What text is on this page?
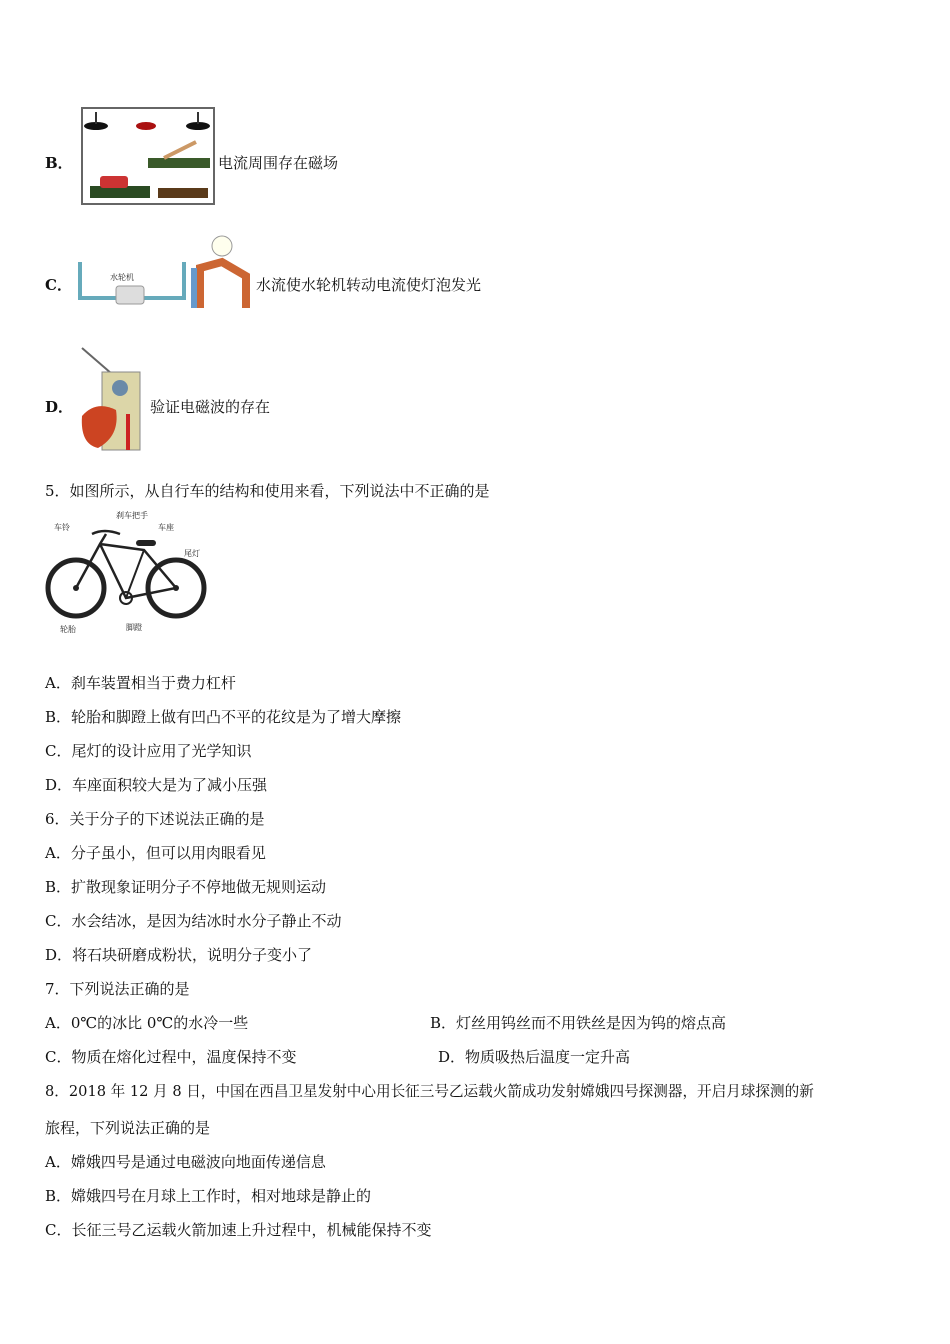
B．	电流周围存在磁场
C．	水轮机	水流使水轮机转动电流使灯泡发光
D．	验证电磁波的存在
5．如图所示，从自行车的结构和使用来看，下列说法中不正确的是
车铃
刹车把手
车座
尾灯
轮胎	脚蹬
A．刹车装置相当于费力杠杆
B．轮胎和脚蹬上做有凹凸不平的花纹是为了增大摩擦
C．尾灯的设计应用了光学知识
D．车座面积较大是为了减小压强
6．关于分子的下述说法正确的是
A．分子虽小，但可以用肉眼看见
B．扩散现象证明分子不停地做无规则运动
C．水会结冰，是因为结冰时水分子静止不动
D．将石块研磨成粉状，说明分子变小了
7．下列说法正确的是
A．0℃的冰比 0℃的水冷一些	B．灯丝用钨丝而不用铁丝是因为钨的熔点高
C．物质在熔化过程中，温度保持不变	D．物质吸热后温度一定升高
8．2018 年 12 月 8 日，中国在西昌卫星发射中心用长征三号乙运载火箭成功发射嫦娥四号探测器，开启月球探测的新
旅程，下列说法正确的是
A．嫦娥四号是通过电磁波向地面传递信息
B．嫦娥四号在月球上工作时，相对地球是静止的
C．长征三号乙运载火箭加速上升过程中，机械能保持不变
